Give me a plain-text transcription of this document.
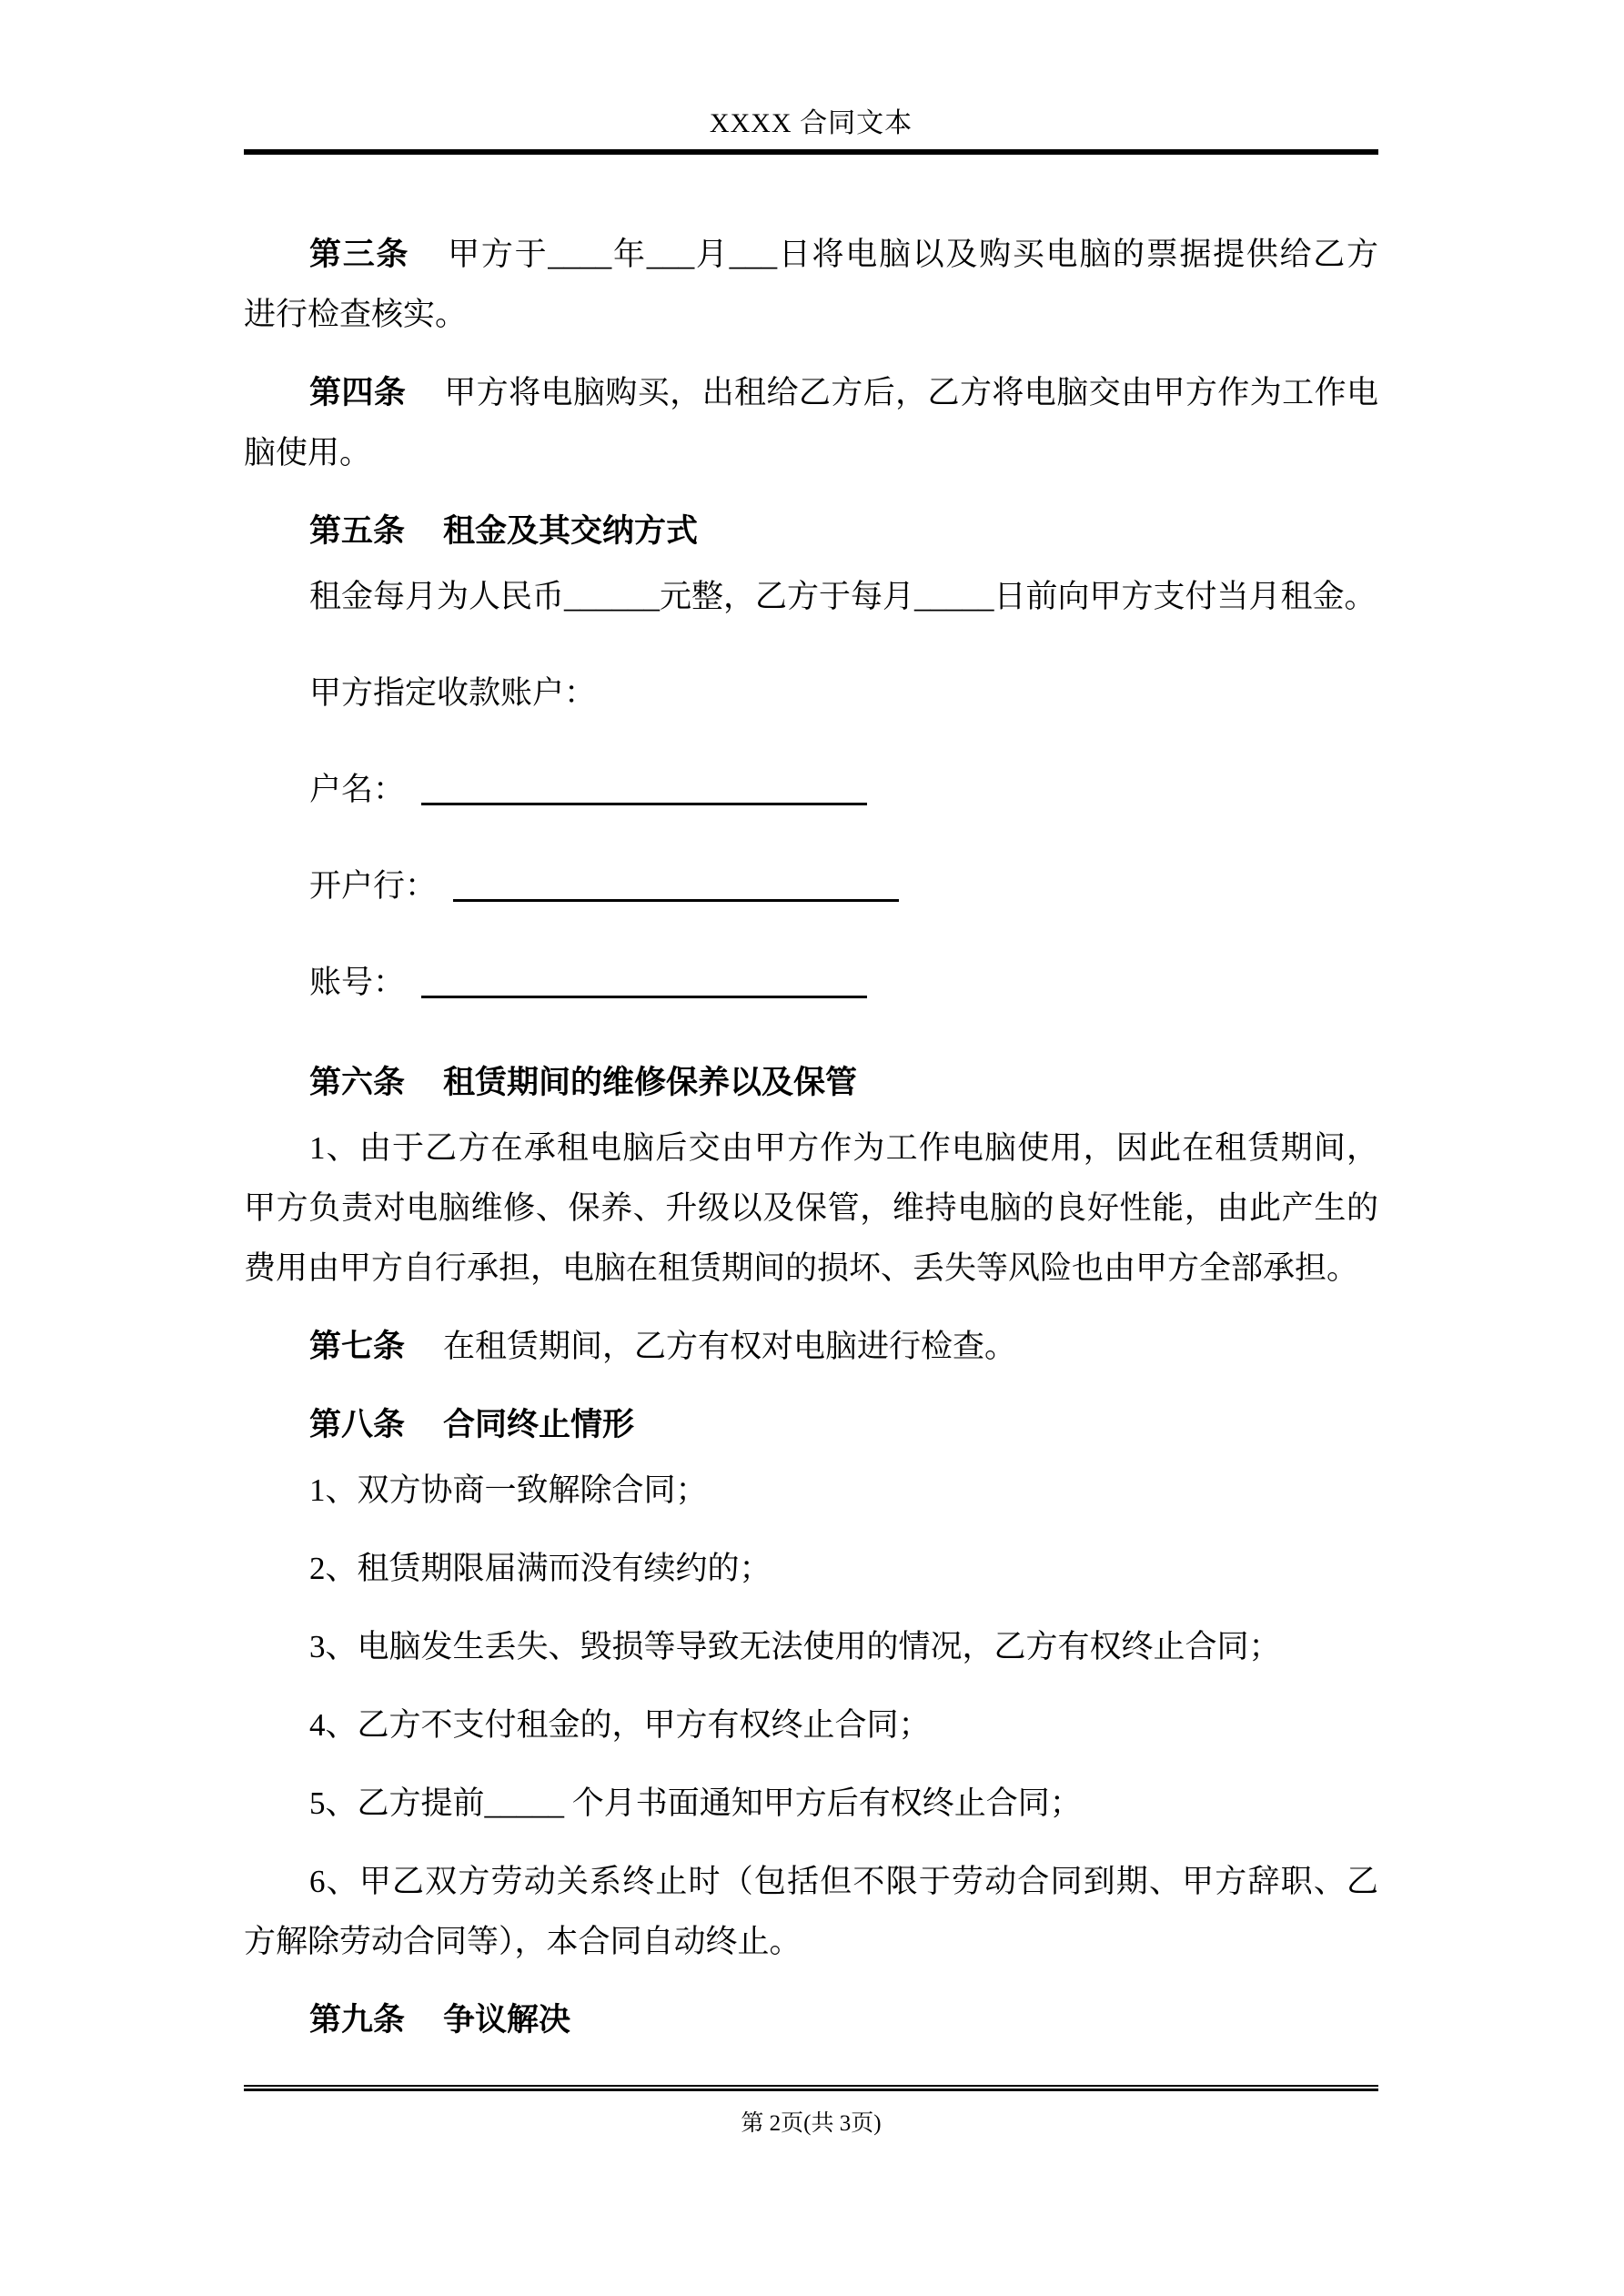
XXXX 合同文本
第三条 甲方于____年___月___日将电脑以及购买电脑的票据提供给乙方
进行检查核实。
第四条 甲方将电脑购买，出租给乙方后，乙方将电脑交由甲方作为工作电
脑使用。
第五条 租金及其交纳方式
租金每月为人民币______元整，乙方于每月_____日前向甲方支付当月租金。
甲方指定收款账户：
户名：
开户行：
账号：
第六条 租赁期间的维修保养以及保管
1、由于乙方在承租电脑后交由甲方作为工作电脑使用，因此在租赁期间，
甲方负责对电脑维修、保养、升级以及保管，维持电脑的良好性能，由此产生的
费用由甲方自行承担，电脑在租赁期间的损坏、丢失等风险也由甲方全部承担。
第七条 在租赁期间，乙方有权对电脑进行检查。
第八条 合同终止情形
1、双方协商一致解除合同；
2、租赁期限届满而没有续约的；
3、电脑发生丢失、毁损等导致无法使用的情况，乙方有权终止合同；
4、乙方不支付租金的，甲方有权终止合同；
5、乙方提前_____ 个月书面通知甲方后有权终止合同；
6、甲乙双方劳动关系终止时（包括但不限于劳动合同到期、甲方辞职、乙
方解除劳动合同等），本合同自动终止。
第九条 争议解决
第 2页(共 3页)
